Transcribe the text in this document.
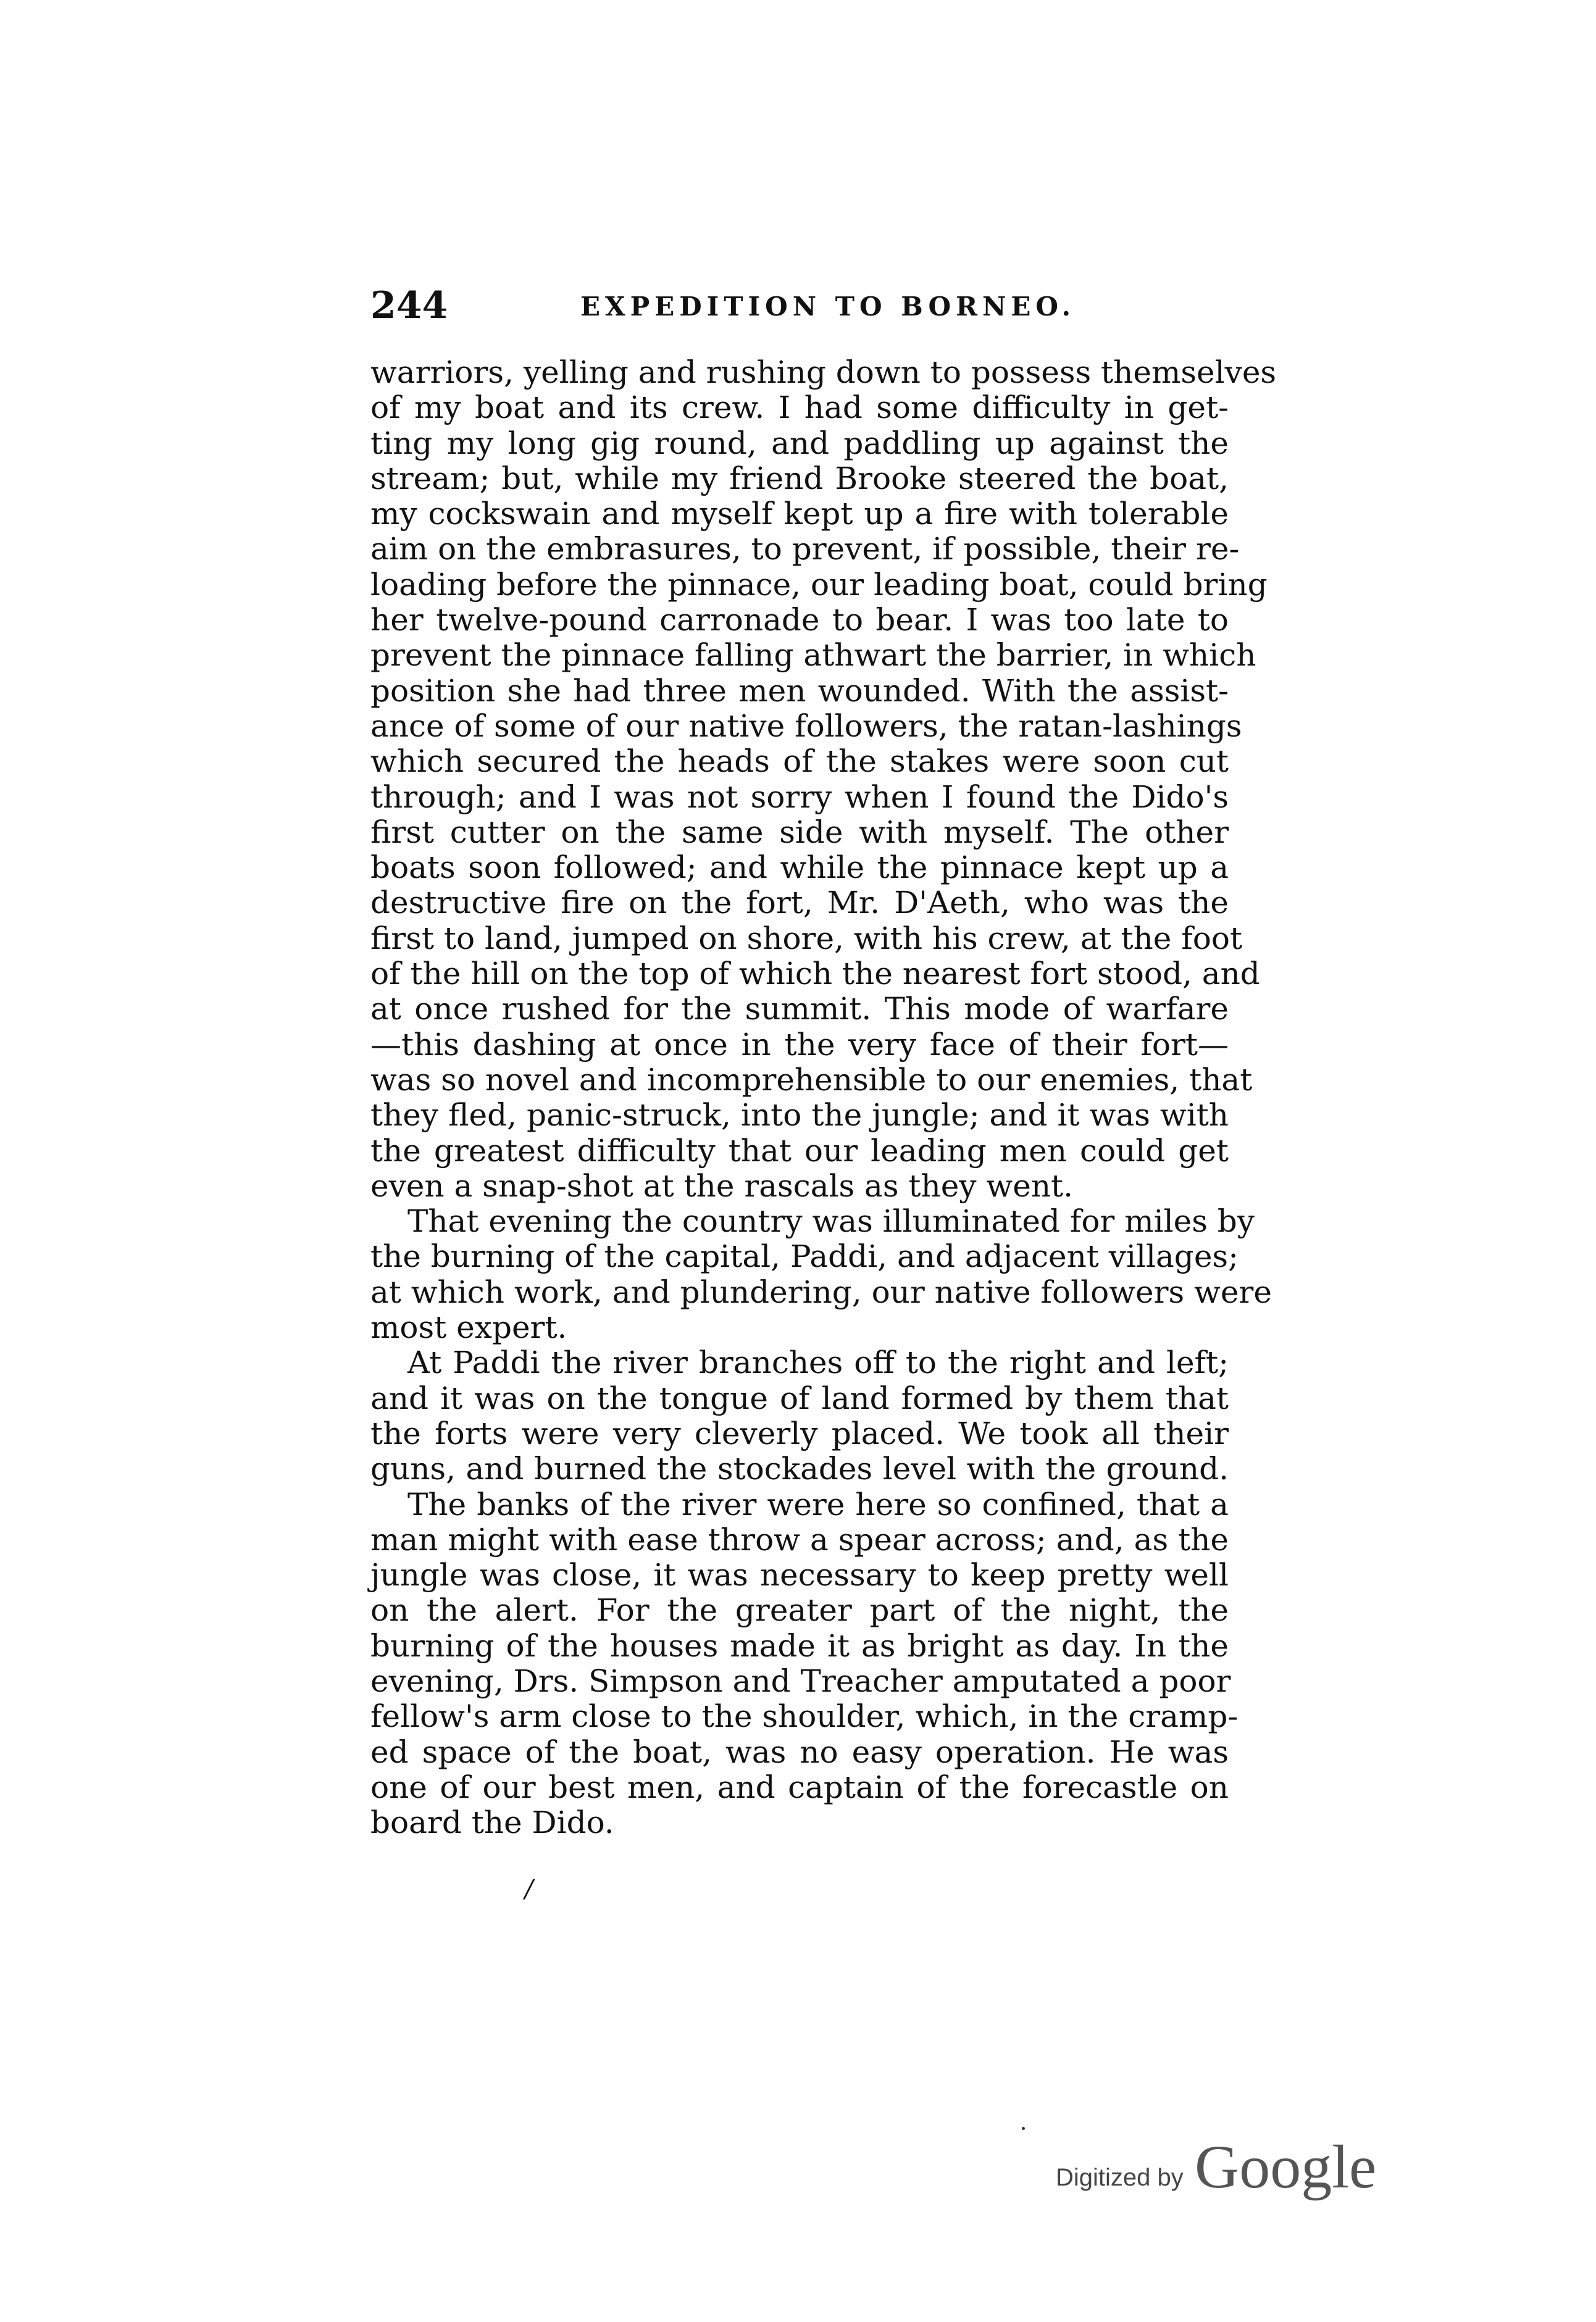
244	EXPEDITION TO BORNEO.
warriors, yelling and rushing down to possess themselves
of my boat and its crew. I had some difficulty in get-
ting my long gig round, and paddling up against the
stream; but, while my friend Brooke steered the boat,
my cockswain and myself kept up a fire with tolerable
aim on the embrasures, to prevent, if possible, their re-
loading before the pinnace, our leading boat, could bring
her twelve-pound carronade to bear. I was too late to
prevent the pinnace falling athwart the barrier, in which
position she had three men wounded. With the assist-
ance of some of our native followers, the ratan-lashings
which secured the heads of the stakes were soon cut
through; and I was not sorry when I found the Dido's
first cutter on the same side with myself. The other
boats soon followed; and while the pinnace kept up a
destructive fire on the fort, Mr. D'Aeth, who was the
first to land, jumped on shore, with his crew, at the foot
of the hill on the top of which the nearest fort stood, and
at once rushed for the summit. This mode of warfare
—this dashing at once in the very face of their fort—
was so novel and incomprehensible to our enemies, that
they fled, panic-struck, into the jungle; and it was with
the greatest difficulty that our leading men could get
even a snap-shot at the rascals as they went.
That evening the country was illuminated for miles by
the burning of the capital, Paddi, and adjacent villages;
at which work, and plundering, our native followers were
most expert.
At Paddi the river branches off to the right and left;
and it was on the tongue of land formed by them that
the forts were very cleverly placed. We took all their
guns, and burned the stockades level with the ground.
The banks of the river were here so confined, that a
man might with ease throw a spear across; and, as the
jungle was close, it was necessary to keep pretty well
on the alert. For the greater part of the night, the
burning of the houses made it as bright as day. In the
evening, Drs. Simpson and Treacher amputated a poor
fellow's arm close to the shoulder, which, in the cramp-
ed space of the boat, was no easy operation. He was
one of our best men, and captain of the forecastle on
board the Dido.
/
Digitized by Google
